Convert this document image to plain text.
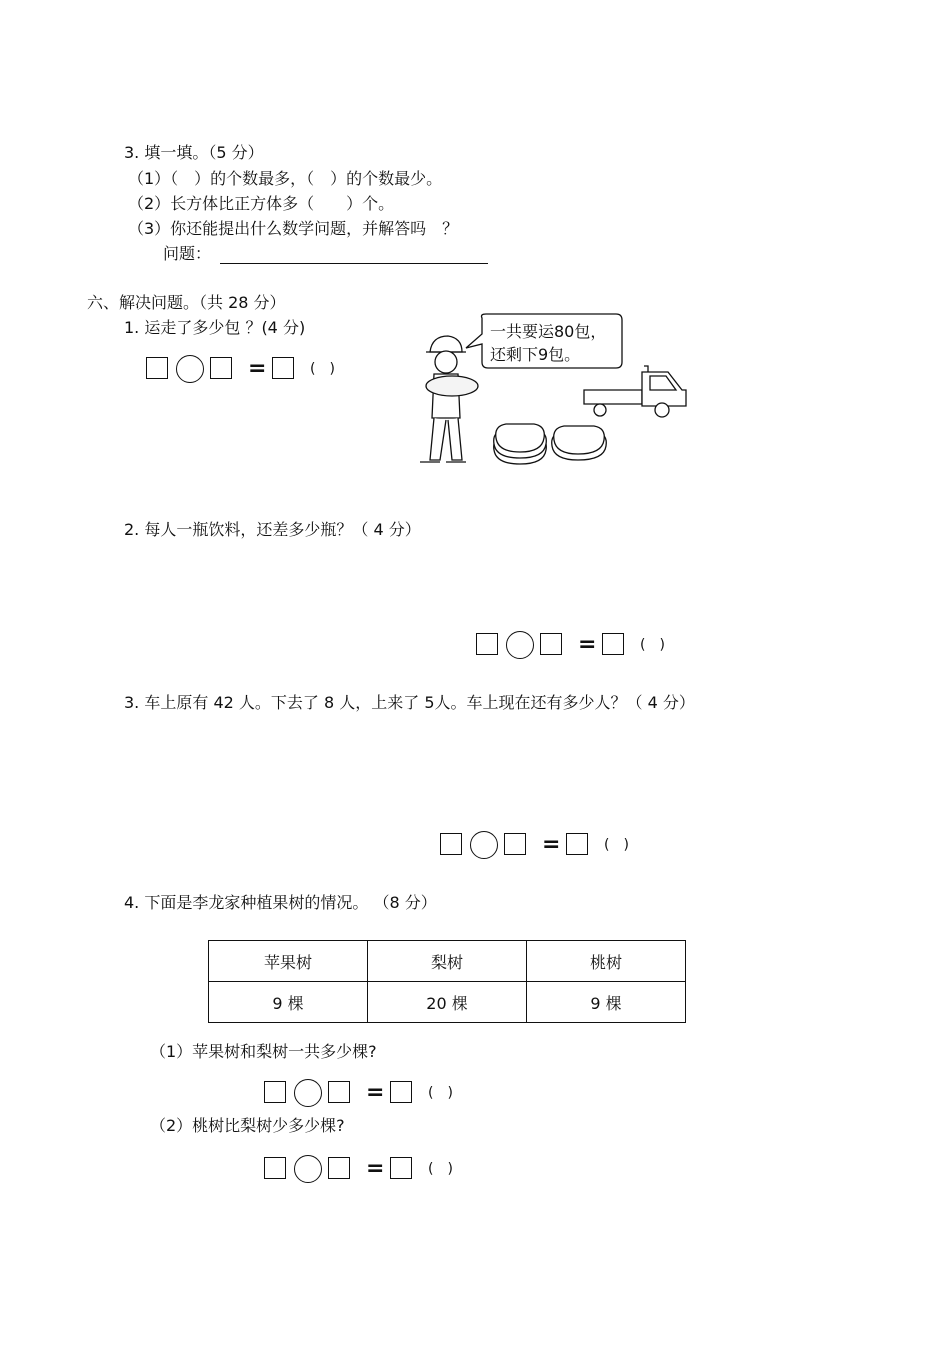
3. 填一填。（5 分）
（1）（　）的个数最多，（　）的个数最少。
（2）长方体比正方体多（　　）个。
（3）你还能提出什么数学问题，并解答吗　？
问题：
六、解决问题。（共 28 分）
1. 运走了多少包 ？(4 分)
=	(　)
一共要运80包，
还剩下9包。
2. 每人一瓶饮料，还差多少瓶？（ 4 分）
=	(　)
3. 车上原有 42 人。下去了 8 人，上来了 5人。车上现在还有多少人？（ 4 分）
=	(　)
4. 下面是李龙家种植果树的情况。 （8 分）
苹果树	梨树	桃树
9 棵	20 棵	9 棵
（1）苹果树和梨树一共多少棵?
=	(　)
（2）桃树比梨树少多少棵?
=	(　)
